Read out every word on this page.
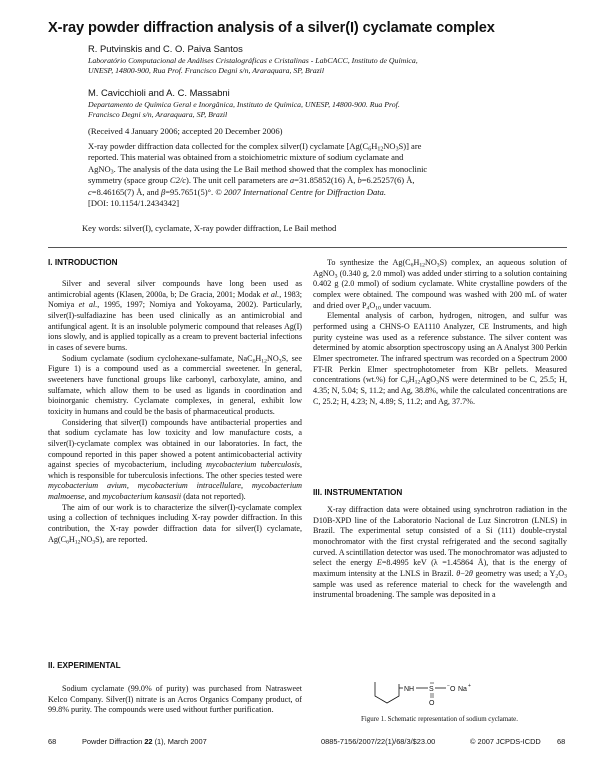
X-ray powder diffraction analysis of a silver(I) cyclamate complex
R. Putvinskis and C. O. Paiva Santos
Laboratório Computacional de Análises Cristalográficas e Cristalinas - LabCACC, Instituto de Química,
UNESP, 14800-900, Rua Prof. Francisco Degni s/n, Araraquara, SP, Brazil
M. Cavicchioli and A. C. Massabni
Departamento de Química Geral e Inorgânica, Instituto de Química, UNESP, 14800-900. Rua Prof.
Francisco Degni s/n, Araraquara, SP, Brazil
(Received 4 January 2006; accepted 20 December 2006)
X-ray powder diffraction data collected for the complex silver(I) cyclamate $[Ag(C_6H_{12}NO_3S)]$ are
reported. This material was obtained from a stoichiometric mixture of sodium cyclamate and
AgNO$_3$. The analysis of the data using the Le Bail method showed that the complex has monoclinic
symmetry (space group C2/c). The unit cell parameters are a=31.85852(16) Å, b=6.25257(6) Å,
c=8.46165(7) Å, and β=95.7651(5)°. © 2007 International Centre for Diffraction Data.
[DOI: 10.1154/1.2434342]
Key words: silver(I), cyclamate, X-ray powder diffraction, Le Bail method
I. INTRODUCTION

Silver and several silver compounds have long been used as antimicrobial agents (Klasen, 2000a, b; De Gracia, 2001; Modak et al., 1983; Nomiya et al., 1995, 1997; Nomiya and Yokoyama, 2002). Particularly, silver(I)-sulfadiazine has been used clinically as an antimicrobial and antifungical agent. It is an insoluble polymeric compound that releases Ag(I) ions slowly, and is applied topically as a cream to prevent bacterial infections in cases of severe burns.

Sodium cyclamate (sodium cyclohexane-sulfamate, $NaC_6H_{12}NO_3S$, see Figure 1) is a compound used as a commercial sweetener. In general, sweeteners have functional groups like carbonyl, carboxylate, amino, and sulfamate, which allow them to be used as ligands in coordination and bioinorganic chemistry. Cyclamate complexes, in general, exhibit low toxicity in humans and could be the basis of pharmaceutical products.

Considering that silver(I) compounds have antibacterial properties and that sodium cyclamate has low toxicity and low manufacture costs, a silver(I)-cyclamate complex was obtained in our laboratories. In fact, the compound reported in this paper showed a potent antimicobacterial activity against species of mycobacterium, including mycobacterium tuberculosis, which is responsible for tuberculosis infections. The other species tested were mycobacterium avium, mycobacterium intracellulare, mycobacterium malmoense, and mycobacterium kansasii (data not reported).

The aim of our work is to characterize the silver(I)-cyclamate complex using a collection of techniques including X-ray powder diffraction. In this contribution, the X-ray powder diffraction data for silver(I) cyclamate, $Ag(C_6H_{12}NO_3S)$, are reported.

II. EXPERIMENTAL

Sodium cyclamate (99.0% of purity) was purchased from Natrasweet Kelco Company. Silver(I) nitrate is an Acros Organics Company product, of 99.8% purity. The compounds were used without further purification.

To synthesize the $Ag(C_6H_{12}NO_3S)$ complex, an aqueous solution of AgNO$_3$ (0.340 g, 2.0 mmol) was added under stirring to a solution containing 0.402 g (2.0 mmol) of sodium cyclamate. White crystalline powders of the complex were obtained. The compound was washed with 200 mL of water and dried over $P_4O_{10}$ under vacuum.

Elemental analysis of carbon, hydrogen, nitrogen, and sulfur was performed using a CHNS-O EA1110 Analyzer, CE Instruments, and high purity cysteine was used as a reference substance. The silver content was determined by atomic absorption spectroscopy using an A Analyst 300 Perkin Elmer spectrometer. The infrared spectrum was recorded on a Spectrum 2000 FT-IR Perkin Elmer spectrophotometer from KBr pellets. Measured concentrations (wt.%) for $C_6H_{12}AgO_3NS$ were determined to be C, 25.5; H, 4.35; N, 5.04; S, 11.2; and Ag, 38.8%, while the calculated concentrations are C, 25.2; H, 4.23; N, 4.89; S, 11.2; and Ag, 37.7%.

III. INSTRUMENTATION

X-ray diffraction data were obtained using synchrotron radiation in the D10B-XPD line of the Laboratorio Nacional de Luz Sincrotron (LNLS) in Brazil. The experimental setup consisted of a Si (111) double-crystal monochromator with the first crystal refrigerated and the second sagitally curved. A scintillation detector was used. The monochromator was adjusted to select the energy E=8.4995 keV (λ =1.45864 Å), that is the energy of maximum intensity at the LNLS in Brazil. θ−2θ geometry was used; a $Y_2O_3$ sample was used as reference material to check for the wavelength and instrumental broadening. The sample was deposited in a

NH S
O
− O Na +
Figure 1. Schematic representation of sodium cyclamate.
68	Powder Diffraction 22 (1), March 2007	0885-7156/2007/22(1)/68/3/$23.00	© 2007 JCPDS-ICDD 68
